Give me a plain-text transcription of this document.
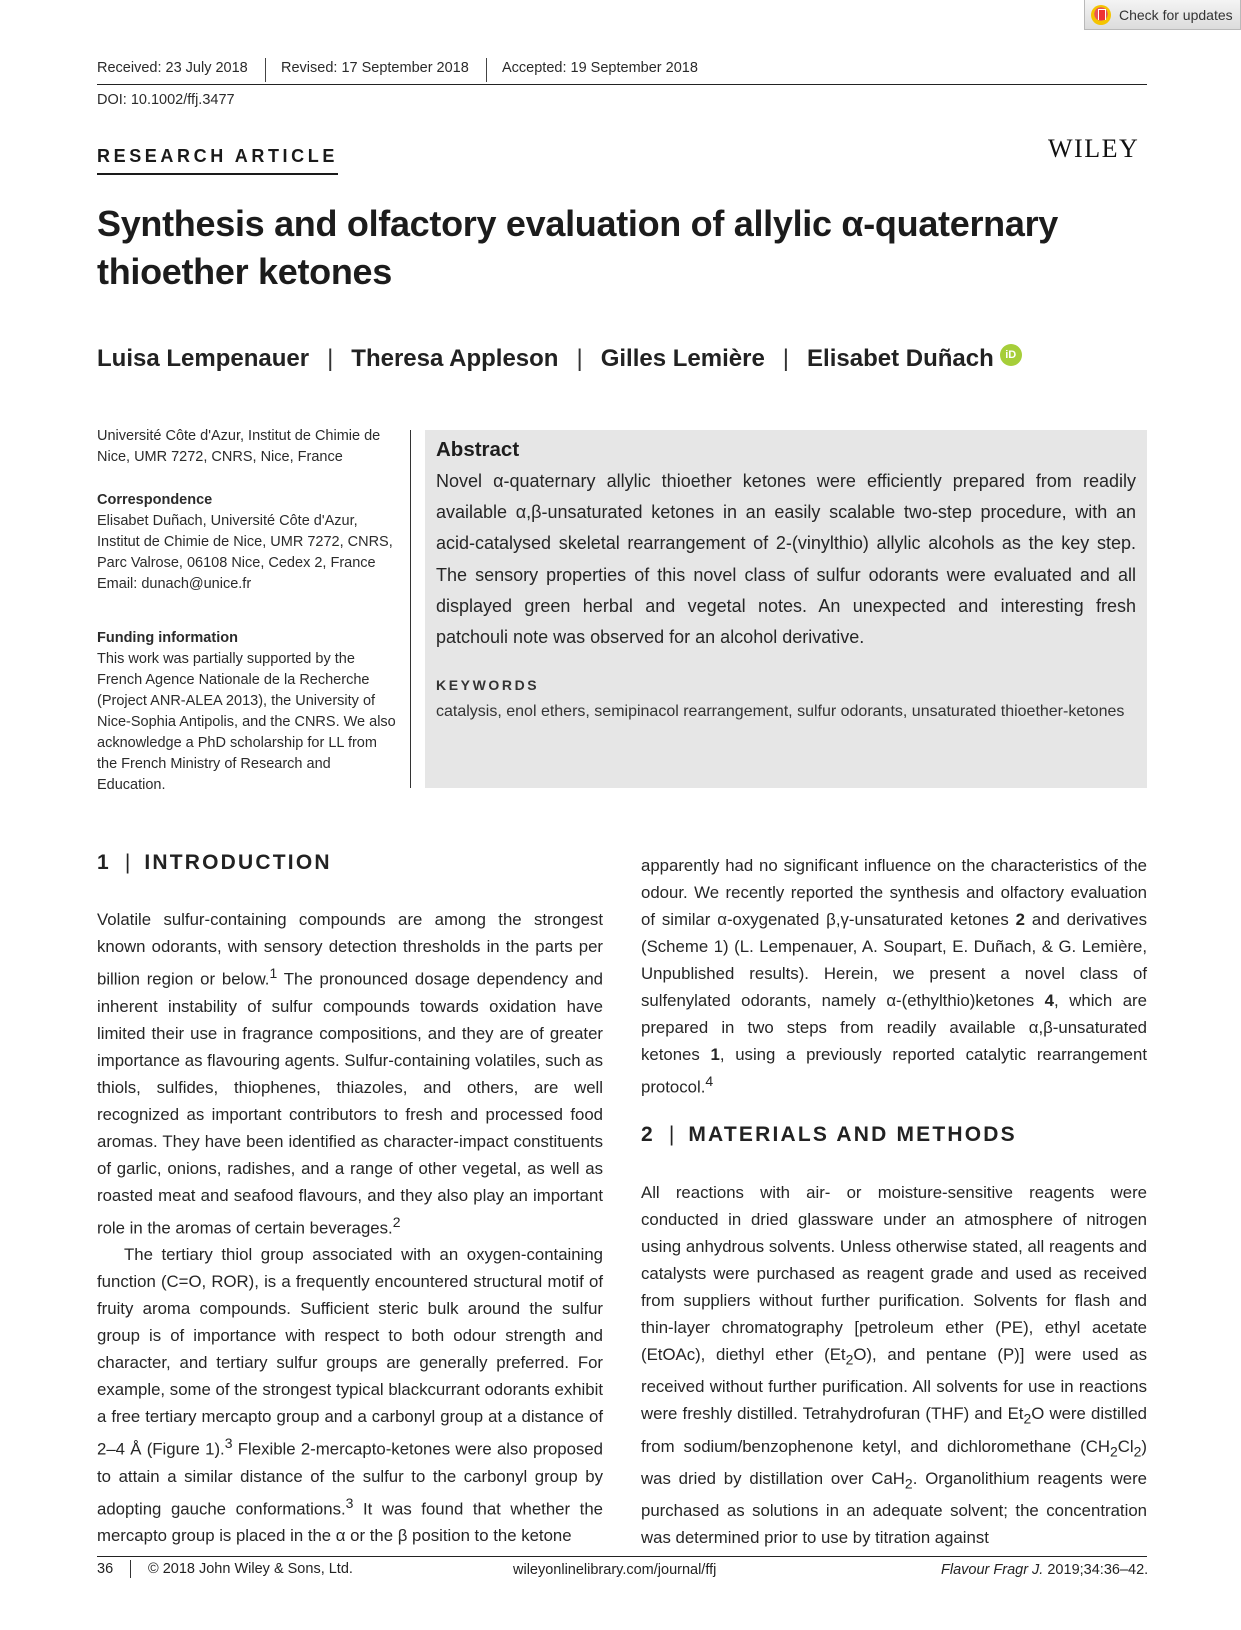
Check for updates
Received: 23 July 2018 Revised: 17 September 2018 Accepted: 19 September 2018
DOI: 10.1002/ffj.3477
RESEARCH ARTICLE	WILEY
Synthesis and olfactory evaluation of allylic α-quaternary
thioether ketones
Luisa Lempenauer | Theresa Appleson | Gilles Lemière | Elisabet Duñach	iD
Université Côte d'Azur, Institut de Chimie de Nice, UMR 7272, CNRS, Nice, France
Correspondence
Elisabet Duñach, Université Côte d'Azur, Institut de Chimie de Nice, UMR 7272, CNRS, Parc Valrose, 06108 Nice, Cedex 2, France
Email: dunach@unice.fr
Funding information
This work was partially supported by the French Agence Nationale de la Recherche (Project ANR-ALEA 2013), the University of Nice-Sophia Antipolis, and the CNRS. We also acknowledge a PhD scholarship for LL from the French Ministry of Research and Education.
Abstract
Novel α-quaternary allylic thioether ketones were efficiently prepared from readily available α,β-unsaturated ketones in an easily scalable two-step procedure, with an acid-catalysed skeletal rearrangement of 2-(vinylthio) allylic alcohols as the key step. The sensory properties of this novel class of sulfur odorants were evaluated and all displayed green herbal and vegetal notes. An unexpected and interesting fresh patchouli note was observed for an alcohol derivative.
KEYWORDS
catalysis, enol ethers, semipinacol rearrangement, sulfur odorants, unsaturated thioether-ketones
1 | INTRODUCTION
2 | MATERIALS AND METHODS

Volatile sulfur-containing compounds are among the strongest known odorants, with sensory detection thresholds in the parts per billion region or below.$^1$ The pronounced dosage dependency and inherent instability of sulfur compounds towards oxidation have limited their use in fragrance compositions, and they are of greater importance as flavouring agents. Sulfur-containing volatiles, such as thiols, sulfides, thiophenes, thiazoles, and others, are well recognized as important contributors to fresh and processed food aromas. They have been identified as character-impact constituents of garlic, onions, radishes, and a range of other vegetal, as well as roasted meat and seafood flavours, and they also play an important role in the aromas of certain beverages.$^2$

The tertiary thiol group associated with an oxygen-containing function (C=O, ROR), is a frequently encountered structural motif of fruity aroma compounds. Sufficient steric bulk around the sulfur group is of importance with respect to both odour strength and character, and tertiary sulfur groups are generally preferred. For example, some of the strongest typical blackcurrant odorants exhibit a free tertiary mercapto group and a carbonyl group at a distance of 2–4 Å (Figure 1).$^3$ Flexible 2-mercapto-ketones were also proposed to attain a similar distance of the sulfur to the carbonyl group by adopting gauche conformations.$^3$ It was found that whether the mercapto group is placed in the α or the β position to the ketone

apparently had no significant influence on the characteristics of the odour. We recently reported the synthesis and olfactory evaluation of similar α-oxygenated β,γ-unsaturated ketones 2 and derivatives (Scheme 1) (L. Lempenauer, A. Soupart, E. Duñach, & G. Lemière, Unpublished results). Herein, we present a novel class of sulfenylated odorants, namely α-(ethylthio)ketones 4, which are prepared in two steps from readily available α,β-unsaturated ketones 1, using a previously reported catalytic rearrangement protocol.$^4$

All reactions with air- or moisture-sensitive reagents were conducted in dried glassware under an atmosphere of nitrogen using anhydrous solvents. Unless otherwise stated, all reagents and catalysts were purchased as reagent grade and used as received from suppliers without further purification. Solvents for flash and thin-layer chromatography [petroleum ether (PE), ethyl acetate (EtOAc), diethyl ether $(Et_2O)$, and pentane (P)] were used as received without further purification. All solvents for use in reactions were freshly distilled. Tetrahydrofuran (THF) and $Et_2O$ were distilled from sodium/benzophenone ketyl, and dichloromethane $(CH_2Cl_2)$ was dried by distillation over CaH$_2$. Organolithium reagents were purchased as solutions in an adequate solvent; the concentration was determined prior to use by titration against

36 © 2018 John Wiley & Sons, Ltd.	wileyonlinelibrary.com/journal/ffj	Flavour Fragr J. 2019;34:36–42.
